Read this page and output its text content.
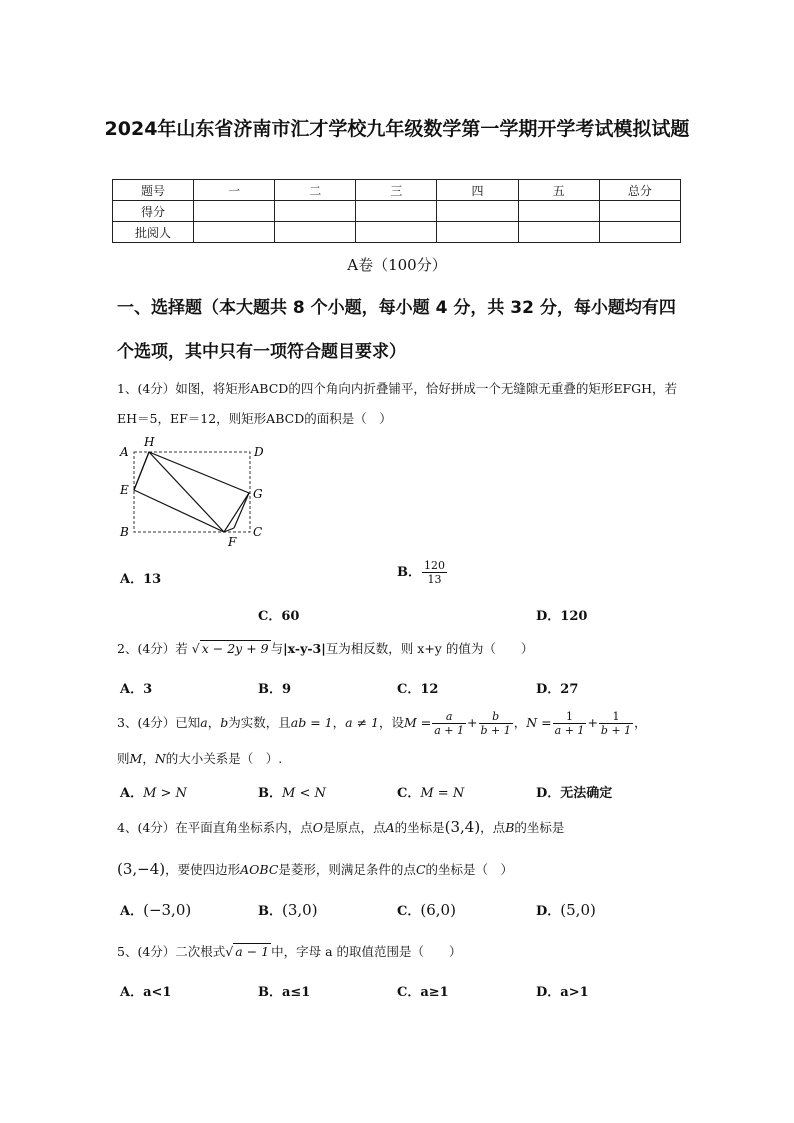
2024年山东省济南市汇才学校九年级数学第一学期开学考试模拟试题
题号	一	二	三	四	五	总分
得分						
批阅人						
A卷（100分）
一、选择题（本大题共 8 个小题，每小题 4 分，共 32 分，每小题均有四个选项，其中只有一项符合题目要求）
1、(4分）如图，将矩形ABCD的四个角向内折叠铺平，恰好拼成一个无缝隙无重叠的矩形EFGH，若EH＝5，EF＝12，则矩形ABCD的面积是（　）
A
H
D
E	G
B
F
C
A．13	B． $\frac{120}{13}$
C．60	D．120
2、(4分）若 √ x − 2y + 9 与|x-y-3|互为相反数，则 x+y 的值为（　　）
A．3	B．9	C．12	D．27
3、(4分）已知a，b为实数，且ab = 1，a ≠ 1，设$M = \frac{a}{a + 1} + \frac{b}{b + 1}$ ，$N = \frac{1}{a + 1} + \frac{1}{b + 1}$ ，
则M，N的大小关系是（　）.
A．M > N	B．M < N	C．M = N	D．无法确定
4、(4分）在平面直角坐标系内，点O是原点，点A的坐标是(3,4)，点B的坐标是
(3,−4)，要使四边形AOBC是菱形，则满足条件的点C的坐标是（　）
A．(−3,0)	B．(3,0)	C．(6,0)	D．(5,0)
5、(4分）二次根式√ a − 1 中，字母 a 的取值范围是（　　）
A．a<1	B．a≤1	C．a≥1	D．a>1
